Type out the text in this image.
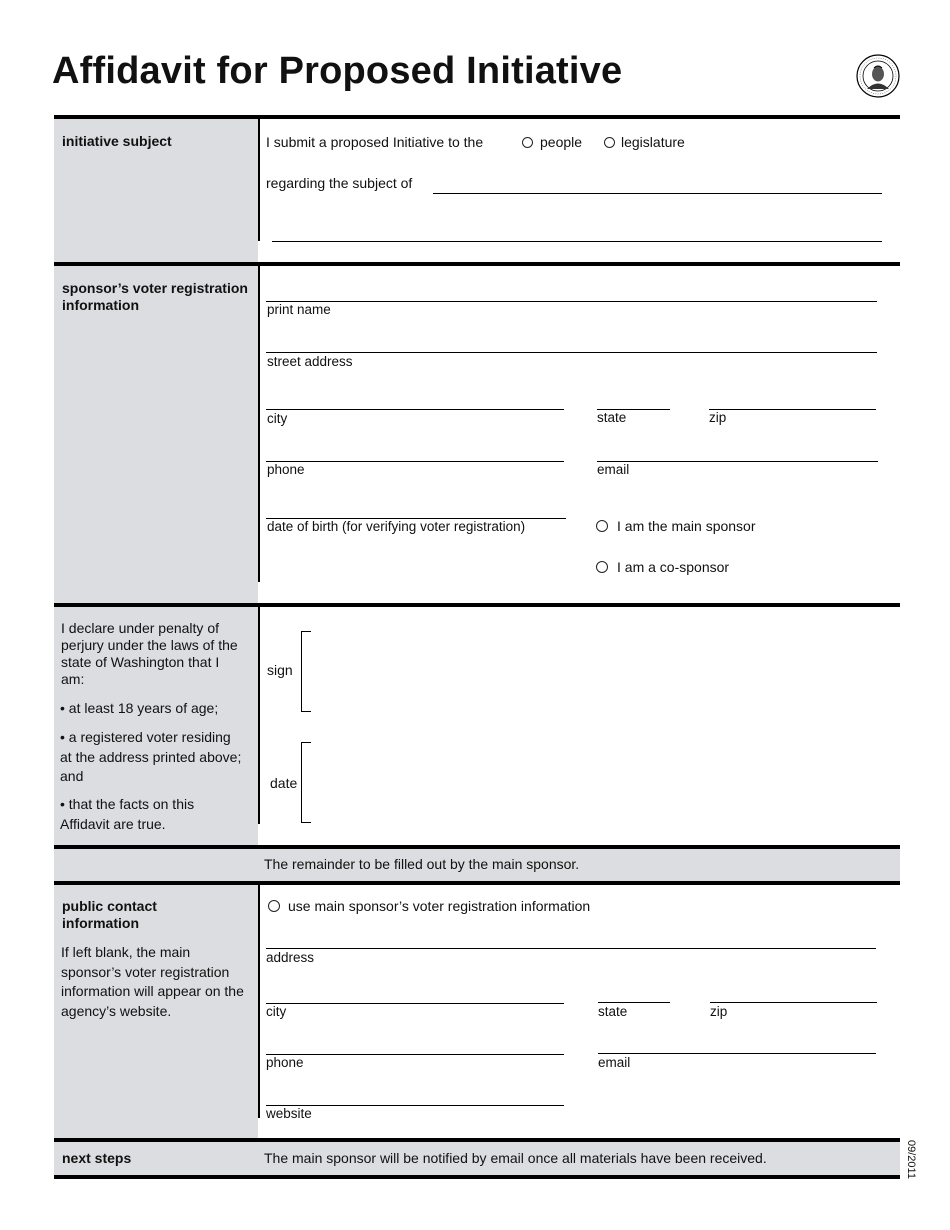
Affidavit for Proposed Initiative
initiative subject	I submit a proposed Initiative to the	people	legislature
regarding the subject of
sponsor’s voter registration information	print name
street address
city	state	zip
phone	email
date of birth (for verifying voter registration)	I am the main sponsor
I am a co-sponsor
I declare under penalty of perjury under the laws of the state of Washington that I am:
• at least 18 years of age;
• a registered voter residing at the address printed above; and
• that the facts on this Affidavit are true.
sign
date
The remainder to be filled out by the main sponsor.
public contact information
If left blank, the main sponsor’s voter registration information will appear on the agency’s website.
use main sponsor’s voter registration information
address
city	state	zip
phone	email
website
next steps	The main sponsor will be notified by email once all materials have been received.	09/2011
